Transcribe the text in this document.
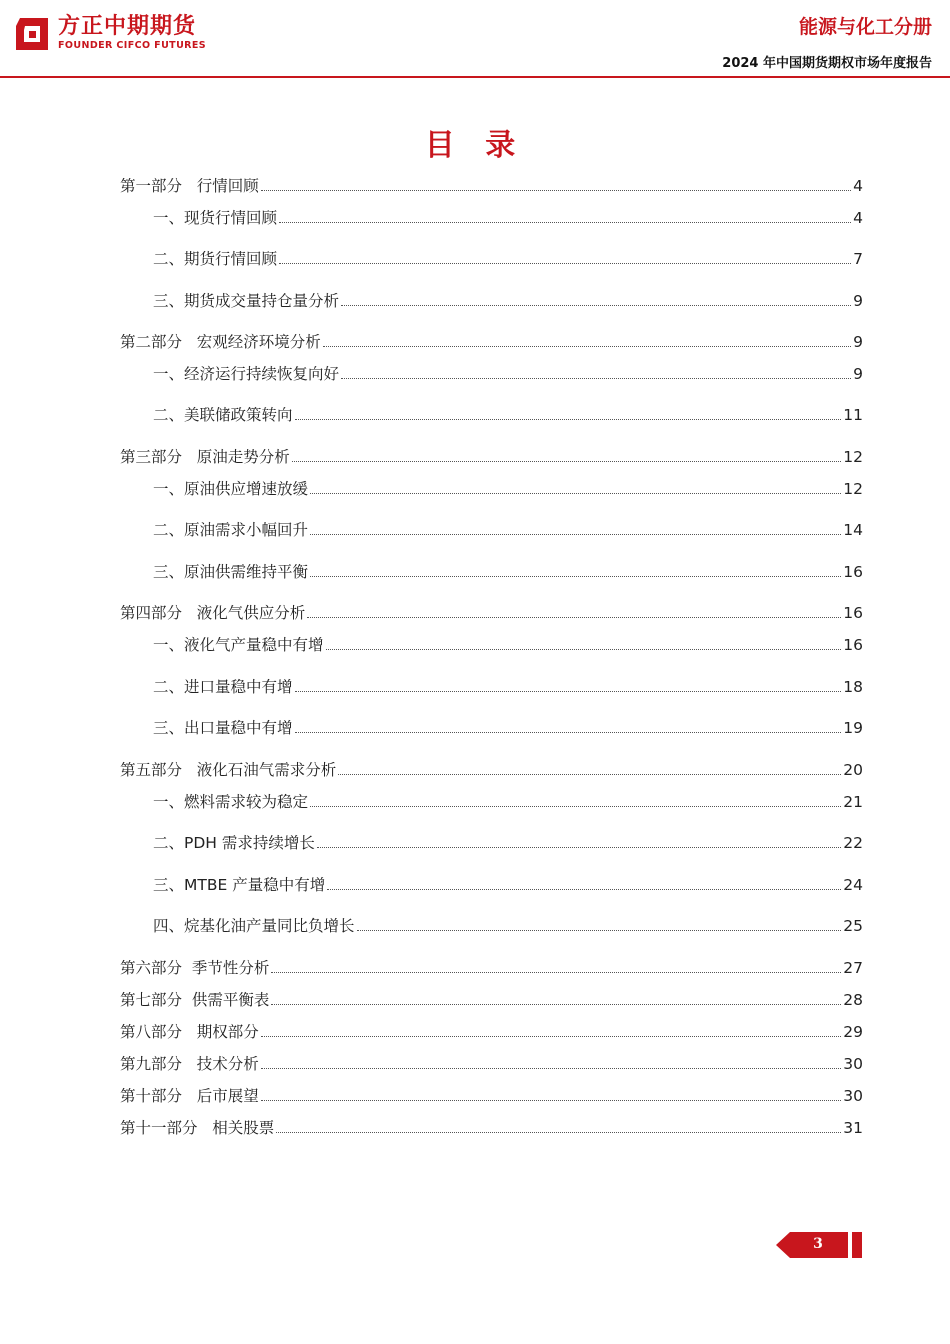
方正中期期货
FOUNDER CIFCO FUTURES
能源与化工分册
2024 年中国期货期权市场年度报告
目 录
第一部分   行情回顾	4
一、现货行情回顾	4
二、期货行情回顾	7
三、期货成交量持仓量分析	9
第二部分   宏观经济环境分析	9
一、经济运行持续恢复向好	9
二、美联储政策转向	11
第三部分   原油走势分析	12
一、原油供应增速放缓	12
二、原油需求小幅回升	14
三、原油供需维持平衡	16
第四部分   液化气供应分析	16
一、液化气产量稳中有增	16
二、进口量稳中有增	18
三、出口量稳中有增	19
第五部分   液化石油气需求分析	20
一、燃料需求较为稳定	21
二、PDH 需求持续增长	22
三、MTBE 产量稳中有增	24
四、烷基化油产量同比负增长	25
第六部分  季节性分析	27
第七部分  供需平衡表	28
第八部分   期权部分	29
第九部分   技术分析	30
第十部分   后市展望	30
第十一部分   相关股票	31
3
